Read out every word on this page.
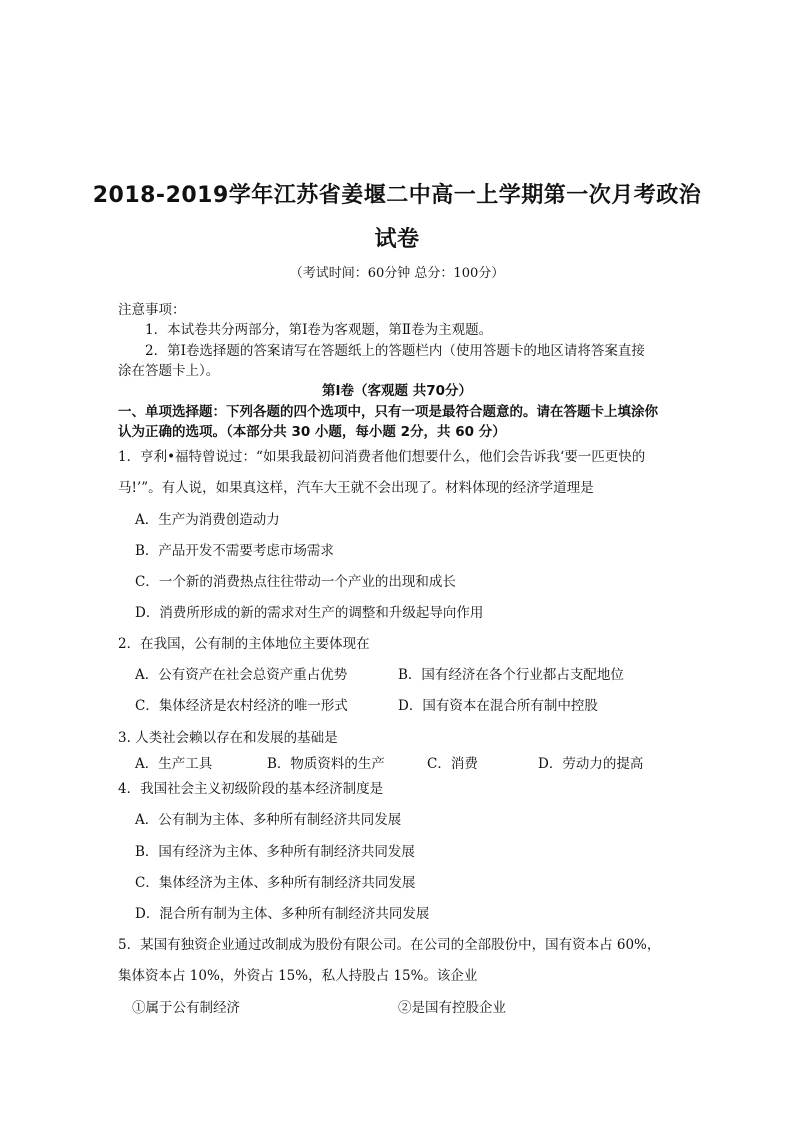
2018-2019学年江苏省姜堰二中高一上学期第一次月考政治
试卷
（考试时间：60分钟 总分：100分）
注意事项：
1．本试卷共分两部分，第Ⅰ卷为客观题，第Ⅱ卷为主观题。
2．第Ⅰ卷选择题的答案请写在答题纸上的答题栏内（使用答题卡的地区请将答案直接
涂在答题卡上）。
第Ⅰ卷（客观题 共70分）
一、单项选择题：下列各题的四个选项中，只有一项是最符合题意的。请在答题卡上填涂你
认为正确的选项。（本部分共 30 小题，每小题 2分，共 60 分）
1．亨利•福特曾说过：“如果我最初问消费者他们想要什么，他们会告诉我‘要一匹更快的
马!’”。有人说，如果真这样，汽车大王就不会出现了。材料体现的经济学道理是
A．生产为消费创造动力
B．产品开发不需要考虑市场需求
C．一个新的消费热点往往带动一个产业的出现和成长
D．消费所形成的新的需求对生产的调整和升级起导向作用
2．在我国，公有制的主体地位主要体现在
A．公有资产在社会总资产重占优势	B．国有经济在各个行业都占支配地位
C．集体经济是农村经济的唯一形式	D．国有资本在混合所有制中控股
3. 人类社会赖以存在和发展的基础是
A．生产工具	B．物质资料的生产	C．消费	D．劳动力的提高
4．我国社会主义初级阶段的基本经济制度是
A．公有制为主体、多种所有制经济共同发展
B．国有经济为主体、多种所有制经济共同发展
C．集体经济为主体、多种所有制经济共同发展
D．混合所有制为主体、多种所有制经济共同发展
5．某国有独资企业通过改制成为股份有限公司。在公司的全部股份中，国有资本占 60%，
集体资本占 10%，外资占 15%，私人持股占 15%。该企业
①属于公有制经济	②是国有控股企业
